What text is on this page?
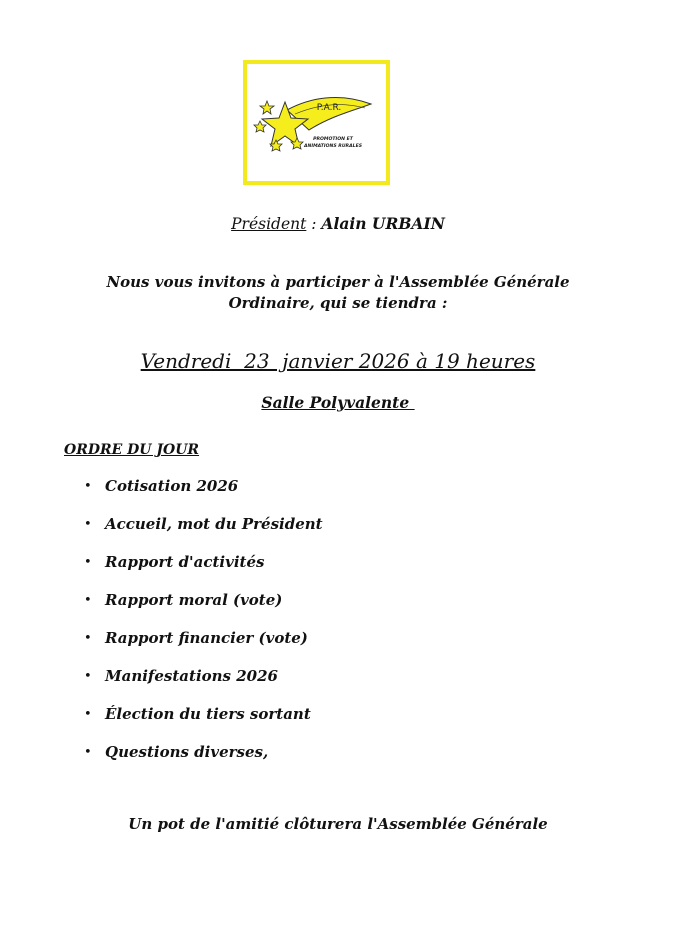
P.A.R.
PROMOTION ET
ANIMATIONS RURALES
Président : Alain URBAIN
Nous vous invitons à participer à l'Assemblée Générale
Ordinaire, qui se tiendra :
Vendredi  23  janvier 2026 à 19 heures
Salle Polyvalente
ORDRE DU JOUR
• Cotisation 2026
• Accueil, mot du Président
• Rapport d'activités
• Rapport moral (vote)
• Rapport financier (vote)
• Manifestations 2026
• Élection du tiers sortant
• Questions diverses,
Un pot de l'amitié clôturera l'Assemblée Générale
